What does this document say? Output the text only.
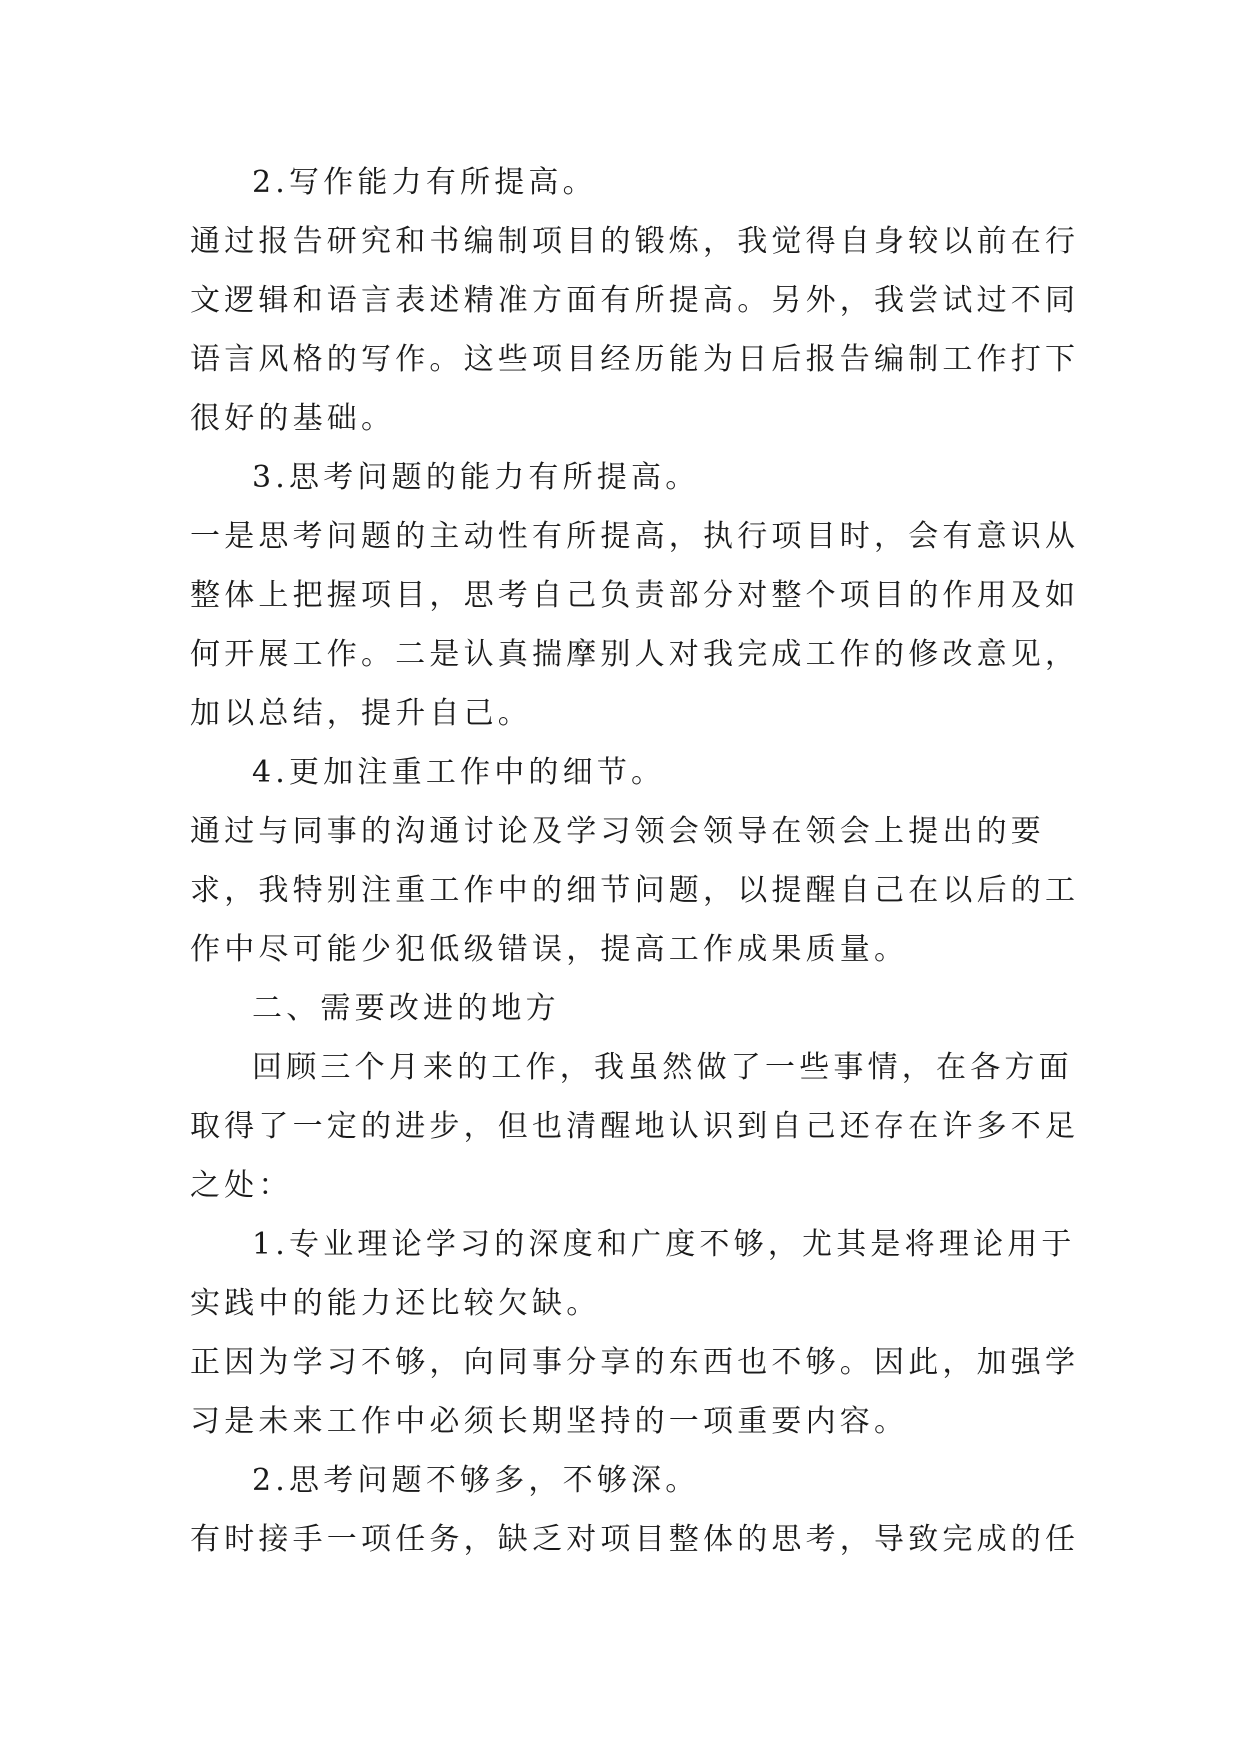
2.写作能力有所提高。

通过报告研究和书编制项目的锻炼，我觉得自身较以前在行

文逻辑和语言表述精准方面有所提高。另外，我尝试过不同

语言风格的写作。这些项目经历能为日后报告编制工作打下

很好的基础。

3.思考问题的能力有所提高。

一是思考问题的主动性有所提高，执行项目时，会有意识从

整体上把握项目，思考自己负责部分对整个项目的作用及如

何开展工作。二是认真揣摩别人对我完成工作的修改意见，

加以总结，提升自己。

4.更加注重工作中的细节。

通过与同事的沟通讨论及学习领会领导在领会上提出的要

求，我特别注重工作中的细节问题，以提醒自己在以后的工

作中尽可能少犯低级错误，提高工作成果质量。

二、需要改进的地方

回顾三个月来的工作，我虽然做了一些事情，在各方面

取得了一定的进步，但也清醒地认识到自己还存在许多不足

之处：

1.专业理论学习的深度和广度不够，尤其是将理论用于

实践中的能力还比较欠缺。

正因为学习不够，向同事分享的东西也不够。因此，加强学

习是未来工作中必须长期坚持的一项重要内容。

2.思考问题不够多，不够深。

有时接手一项任务，缺乏对项目整体的思考，导致完成的任
